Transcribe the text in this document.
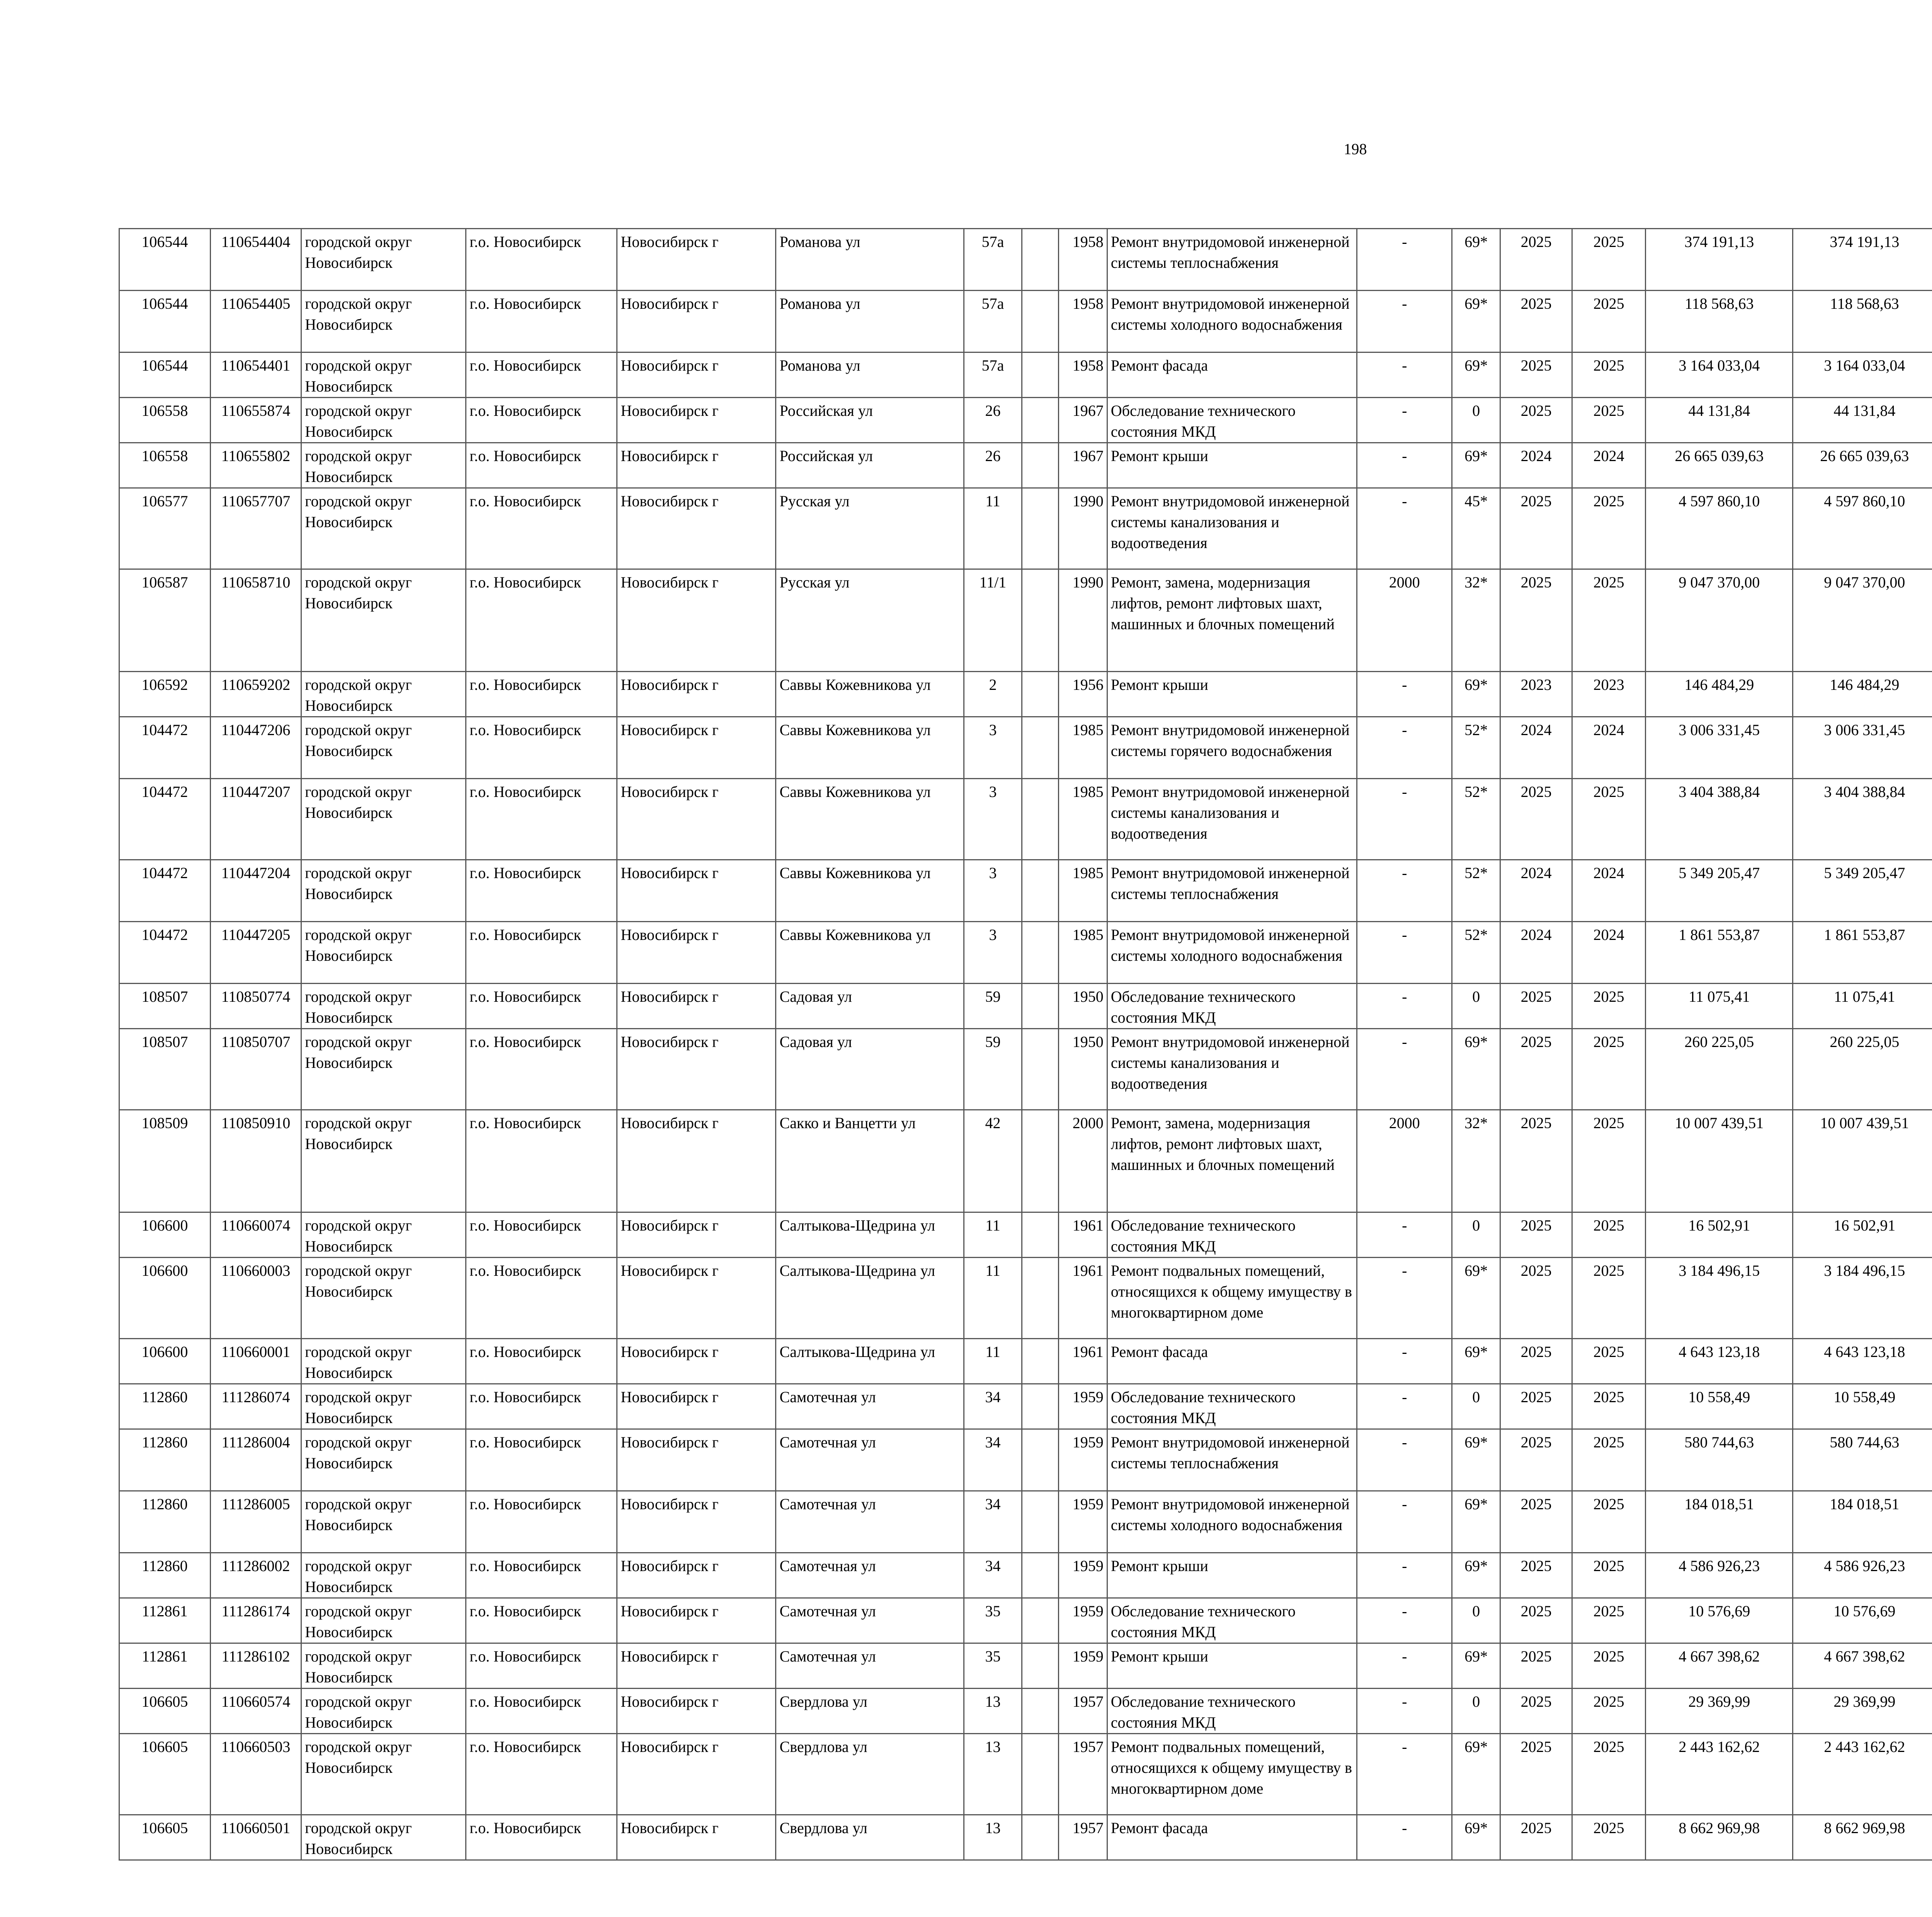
198
106544	110654404	городской округ Новосибирск	г.о. Новосибирск	Новосибирск г	Романова ул	57а		1958	Ремонт внутридомовой инженерной системы теплоснабжения	-	69*	2025	2025	374 191,13	374 191,13						
106544	110654405	городской округ Новосибирск	г.о. Новосибирск	Новосибирск г	Романова ул	57а		1958	Ремонт внутридомовой инженерной системы холодного водоснабжения	-	69*	2025	2025	118 568,63	118 568,63						
106544	110654401	городской округ Новосибирск	г.о. Новосибирск	Новосибирск г	Романова ул	57а		1958	Ремонт фасада	-	69*	2025	2025	3 164 033,04	3 164 033,04						
106558	110655874	городской округ Новосибирск	г.о. Новосибирск	Новосибирск г	Российская ул	26		1967	Обследование технического состояния МКД	-	0	2025	2025	44 131,84	44 131,84						
106558	110655802	городской округ Новосибирск	г.о. Новосибирск	Новосибирск г	Российская ул	26		1967	Ремонт крыши	-	69*	2024	2024	26 665 039,63	26 665 039,63						
106577	110657707	городской округ Новосибирск	г.о. Новосибирск	Новосибирск г	Русская ул	11		1990	Ремонт внутридомовой инженерной системы канализования и водоотведения	-	45*	2025	2025	4 597 860,10	4 597 860,10						
106587	110658710	городской округ Новосибирск	г.о. Новосибирск	Новосибирск г	Русская ул	11/1		1990	Ремонт, замена, модернизация лифтов, ремонт лифтовых шахт, машинных и блочных помещений	2000	32*	2025	2025	9 047 370,00	9 047 370,00						
106592	110659202	городской округ Новосибирск	г.о. Новосибирск	Новосибирск г	Саввы Кожевникова ул	2		1956	Ремонт крыши	-	69*	2023	2023	146 484,29	146 484,29						
104472	110447206	городской округ Новосибирск	г.о. Новосибирск	Новосибирск г	Саввы Кожевникова ул	3		1985	Ремонт внутридомовой инженерной системы горячего водоснабжения	-	52*	2024	2024	3 006 331,45	3 006 331,45						
104472	110447207	городской округ Новосибирск	г.о. Новосибирск	Новосибирск г	Саввы Кожевникова ул	3		1985	Ремонт внутридомовой инженерной системы канализования и водоотведения	-	52*	2025	2025	3 404 388,84	3 404 388,84						
104472	110447204	городской округ Новосибирск	г.о. Новосибирск	Новосибирск г	Саввы Кожевникова ул	3		1985	Ремонт внутридомовой инженерной системы теплоснабжения	-	52*	2024	2024	5 349 205,47	5 349 205,47						
104472	110447205	городской округ Новосибирск	г.о. Новосибирск	Новосибирск г	Саввы Кожевникова ул	3		1985	Ремонт внутридомовой инженерной системы холодного водоснабжения	-	52*	2024	2024	1 861 553,87	1 861 553,87						
108507	110850774	городской округ Новосибирск	г.о. Новосибирск	Новосибирск г	Садовая ул	59		1950	Обследование технического состояния МКД	-	0	2025	2025	11 075,41	11 075,41						
108507	110850707	городской округ Новосибирск	г.о. Новосибирск	Новосибирск г	Садовая ул	59		1950	Ремонт внутридомовой инженерной системы канализования и водоотведения	-	69*	2025	2025	260 225,05	260 225,05						
108509	110850910	городской округ Новосибирск	г.о. Новосибирск	Новосибирск г	Сакко и Ванцетти ул	42		2000	Ремонт, замена, модернизация лифтов, ремонт лифтовых шахт, машинных и блочных помещений	2000	32*	2025	2025	10 007 439,51	10 007 439,51						
106600	110660074	городской округ Новосибирск	г.о. Новосибирск	Новосибирск г	Салтыкова-Щедрина ул	11		1961	Обследование технического состояния МКД	-	0	2025	2025	16 502,91	16 502,91						
106600	110660003	городской округ Новосибирск	г.о. Новосибирск	Новосибирск г	Салтыкова-Щедрина ул	11		1961	Ремонт подвальных помещений, относящихся к общему имуществу в многоквартирном доме	-	69*	2025	2025	3 184 496,15	3 184 496,15						
106600	110660001	городской округ Новосибирск	г.о. Новосибирск	Новосибирск г	Салтыкова-Щедрина ул	11		1961	Ремонт фасада	-	69*	2025	2025	4 643 123,18	4 643 123,18						
112860	111286074	городской округ Новосибирск	г.о. Новосибирск	Новосибирск г	Самотечная ул	34		1959	Обследование технического состояния МКД	-	0	2025	2025	10 558,49	10 558,49						
112860	111286004	городской округ Новосибирск	г.о. Новосибирск	Новосибирск г	Самотечная ул	34		1959	Ремонт внутридомовой инженерной системы теплоснабжения	-	69*	2025	2025	580 744,63	580 744,63						
112860	111286005	городской округ Новосибирск	г.о. Новосибирск	Новосибирск г	Самотечная ул	34		1959	Ремонт внутридомовой инженерной системы холодного водоснабжения	-	69*	2025	2025	184 018,51	184 018,51						
112860	111286002	городской округ Новосибирск	г.о. Новосибирск	Новосибирск г	Самотечная ул	34		1959	Ремонт крыши	-	69*	2025	2025	4 586 926,23	4 586 926,23						
112861	111286174	городской округ Новосибирск	г.о. Новосибирск	Новосибирск г	Самотечная ул	35		1959	Обследование технического состояния МКД	-	0	2025	2025	10 576,69	10 576,69						
112861	111286102	городской округ Новосибирск	г.о. Новосибирск	Новосибирск г	Самотечная ул	35		1959	Ремонт крыши	-	69*	2025	2025	4 667 398,62	4 667 398,62						
106605	110660574	городской округ Новосибирск	г.о. Новосибирск	Новосибирск г	Свердлова ул	13		1957	Обследование технического состояния МКД	-	0	2025	2025	29 369,99	29 369,99						
106605	110660503	городской округ Новосибирск	г.о. Новосибирск	Новосибирск г	Свердлова ул	13		1957	Ремонт подвальных помещений, относящихся к общему имуществу в многоквартирном доме	-	69*	2025	2025	2 443 162,62	2 443 162,62						
106605	110660501	городской округ Новосибирск	г.о. Новосибирск	Новосибирск г	Свердлова ул	13		1957	Ремонт фасада	-	69*	2025	2025	8 662 969,98	8 662 969,98						
